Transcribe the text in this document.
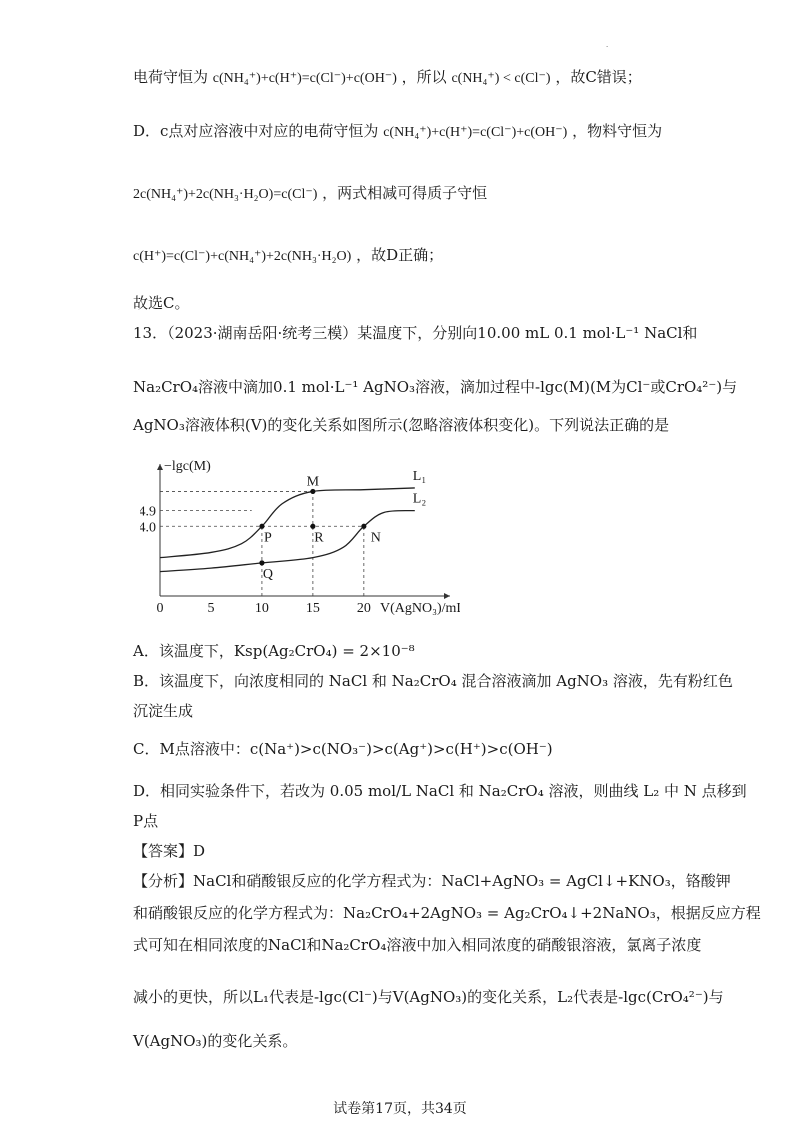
.
电荷守恒为 c(NH₄⁺)+c(H⁺)=c(Cl⁻)+c(OH⁻) ，所以 c(NH₄⁺) < c(Cl⁻) ，故C错误；
D．c点对应溶液中对应的电荷守恒为 c(NH₄⁺)+c(H⁺)=c(Cl⁻)+c(OH⁻) ，物料守恒为
2c(NH₄⁺)+2c(NH₃·H₂O)=c(Cl⁻) ，两式相减可得质子守恒
c(H⁺)=c(Cl⁻)+c(NH₄⁺)+2c(NH₃·H₂O) ，故D正确；
故选C。
13．（2023·湖南岳阳·统考三模）某温度下，分别向10.00 mL 0.1 mol·L⁻¹ NaCl和
Na₂CrO₄溶液中滴加0.1 mol·L⁻¹ AgNO₃溶液，滴加过程中-lgc(M)(M为Cl⁻或CrO₄²⁻)与
AgNO₃溶液体积(V)的变化关系如图所示(忽略溶液体积变化)。下列说法正确的是
−lgc(M)
V(AgNO₃)/mL
0	5	10	15	20
4.0
4.9
L₁
L₂
M
P	R	N
Q
A．该温度下，Ksp(Ag₂CrO₄) = 2×10⁻⁸
B．该温度下，向浓度相同的 NaCl 和 Na₂CrO₄ 混合溶液滴加 AgNO₃ 溶液，先有粉红色
沉淀生成
C．M点溶液中：c(Na⁺)>c(NO₃⁻)>c(Ag⁺)>c(H⁺)>c(OH⁻)
D．相同实验条件下，若改为 0.05 mol/L NaCl 和 Na₂CrO₄ 溶液，则曲线 L₂ 中 N 点移到
P点
【答案】D
【分析】NaCl和硝酸银反应的化学方程式为：NaCl+AgNO₃ = AgCl↓+KNO₃，铬酸钾
和硝酸银反应的化学方程式为：Na₂CrO₄+2AgNO₃ = Ag₂CrO₄↓+2NaNO₃，根据反应方程
式可知在相同浓度的NaCl和Na₂CrO₄溶液中加入相同浓度的硝酸银溶液，氯离子浓度
减小的更快，所以L₁代表是-lgc(Cl⁻)与V(AgNO₃)的变化关系，L₂代表是-lgc(CrO₄²⁻)与
V(AgNO₃)的变化关系。
试卷第17页，共34页
